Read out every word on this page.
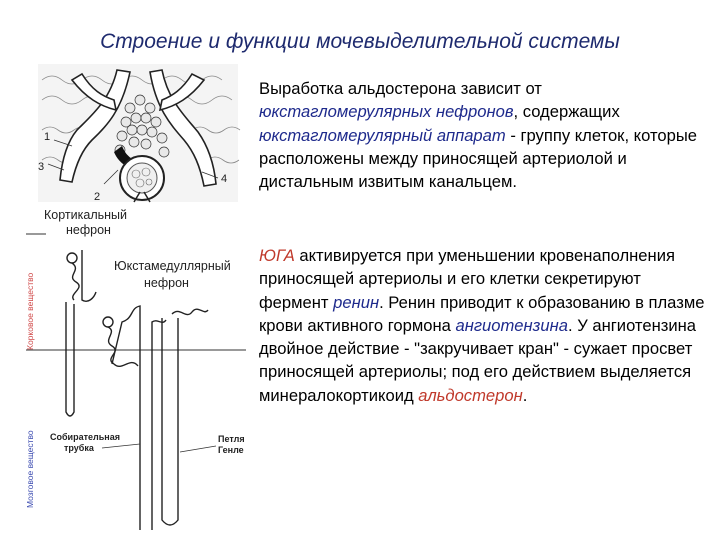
Строение и функции мочевыделительной системы
Выработка альдостерона зависит от юкстагломерулярных нефронов, содержащих юкстагломерулярный аппарат - группу клеток, которые расположены между приносящей артериолой и дистальным извитым канальцем.
ЮГА активируется при уменьшении кровенаполнения приносящей артериолы и его клетки секретируют фермент ренин. Ренин приводит к образованию в плазме крови активного гормона ангиотензина. У ангиотензина двойное действие - "закручивает кран" - сужает просвет приносящей артериолы; под его действием выделяется минералокортикоид альдостерон.
1
2
3
4
Кортикальный
нефрон
Юкстамедуллярный
нефрон
Корковое вещество
Мозговое вещество Собирательная
трубка
Петля
Генле
